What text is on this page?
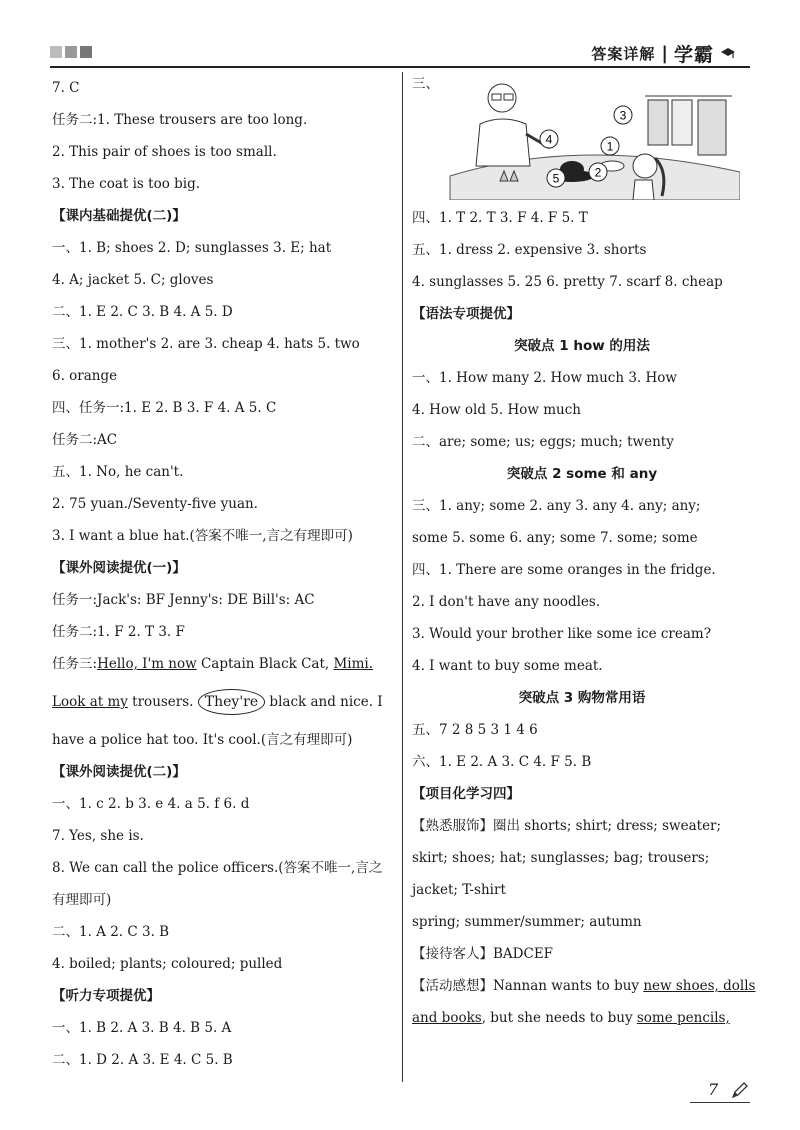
答案详解 | 学霸
7. C
任务二:1. These trousers are too long.
2. This pair of shoes is too small.
3. The coat is too big.
【课内基础提优(二)】
一、1. B; shoes 2. D; sunglasses 3. E; hat
4. A; jacket 5. C; gloves
二、1. E 2. C 3. B 4. A 5. D
三、1. mother's 2. are 3. cheap 4. hats 5. two
6. orange
四、任务一:1. E 2. B 3. F 4. A 5. C
任务二:AC
五、1. No, he can't.
2. 75 yuan./Seventy-five yuan.
3. I want a blue hat.(答案不唯一,言之有理即可)
【课外阅读提优(一)】
任务一:Jack's: BF Jenny's: DE Bill's: AC
任务二:1. F 2. T 3. F
任务三:Hello, I'm now Captain Black Cat, Mimi.
Look at my trousers. They're black and nice. I
have a police hat too. It's cool.(言之有理即可)
【课外阅读提优(二)】
一、1. c 2. b 3. e 4. a 5. f 6. d
7. Yes, she is.
8. We can call the police officers.(答案不唯一,言之
有理即可)
二、1. A 2. C 3. B
4. boiled; plants; coloured; pulled
【听力专项提优】
一、1. B 2. A 3. B 4. B 5. A
二、1. D 2. A 3. E 4. C 5. B
三、
1
2
3
4
5
四、1. T 2. T 3. F 4. F 5. T
五、1. dress 2. expensive 3. shorts
4. sunglasses 5. 25 6. pretty 7. scarf 8. cheap
【语法专项提优】
突破点 1 how 的用法
一、1. How many 2. How much 3. How
4. How old 5. How much
二、are; some; us; eggs; much; twenty
突破点 2 some 和 any
三、1. any; some 2. any 3. any 4. any; any;
some 5. some 6. any; some 7. some; some
四、1. There are some oranges in the fridge.
2. I don't have any noodles.
3. Would your brother like some ice cream?
4. I want to buy some meat.
突破点 3 购物常用语
五、7 2 8 5 3 1 4 6
六、1. E 2. A 3. C 4. F 5. B
【项目化学习四】
【熟悉服饰】圈出 shorts; shirt; dress; sweater;
skirt; shoes; hat; sunglasses; bag; trousers;
jacket; T-shirt
spring; summer/summer; autumn
【接待客人】BADCEF
【活动感想】Nannan wants to buy new shoes, dolls
and books, but she needs to buy some pencils,
7
